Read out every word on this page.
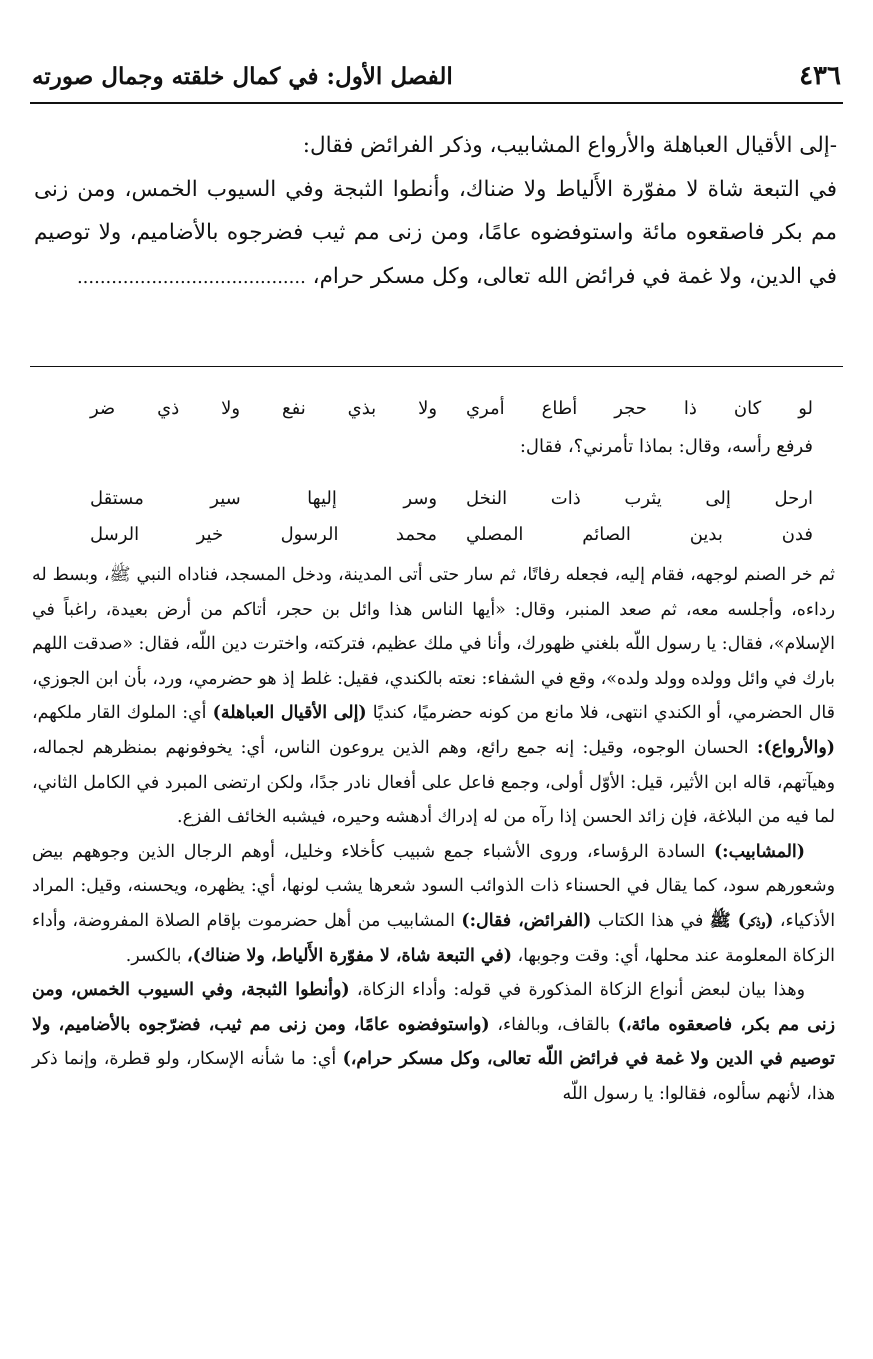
٤٣٦
الفصل الأول: في كمال خلقته وجمال صورته

-إلى الأقيال العباهلة والأرواع المشابيب، وذكر الفرائض فقال:

في التبعة شاة لا مفوّرة الأَلياط ولا ضناك، وأنطوا الثبجة وفي السيوب الخمس، ومن زنى مم بكر فاصقعوه مائة واستوفضوه عامًا، ومن زنى مم ثيب فضرجوه بالأضاميم، ولا توصيم في الدين، ولا غمة في فرائض الله تعالى، وكل مسكر حرام، ........................................

لو كان ذا حجر أطاع أمري
ولا بذي نفع ولا ذي ضر
فرفع رأسه، وقال: بماذا تأمرني؟، فقال:
ارحل إلى يثرب ذات النخل
وسر إليها سير مستقل
فدن بدين الصائم المصلي
محمد الرسول خير الرسل

ثم خر الصنم لوجهه، فقام إليه، فجعله رفاتًا، ثم سار حتى أتى المدينة، ودخل المسجد، فناداه النبي ﷺ، وبسط له رداءه، وأجلسه معه، ثم صعد المنبر، وقال: «أيها الناس هذا وائل بن حجر، أتاكم من أرض بعيدة، راغباً في الإسلام»، فقال: يا رسول اللّه بلغني ظهورك، وأنا في ملك عظيم، فتركته، واخترت دين اللّه، فقال: «صدقت اللهم بارك في وائل وولده وولد ولده»، وقع في الشفاء: نعته بالكندي، فقيل: غلط إذ هو حضرمي، ورد، بأن ابن الجوزي، قال الحضرمي، أو الكندي انتهى، فلا مانع من كونه حضرميًا، كنديًا (إلى الأقيال العباهلة) أي: الملوك القار ملكهم، (والأرواع): الحسان الوجوه، وقيل: إنه جمع رائع، وهم الذين يروعون الناس، أي: يخوفونهم بمنظرهم لجماله، وهيآتهم، قاله ابن الأثير، قيل: الأوّل أولى، وجمع فاعل على أفعال نادر جدًا، ولكن ارتضى المبرد في الكامل الثاني، لما فيه من البلاغة، فإن زائد الحسن إذا رآه من له إدراك أدهشه وحيره، فيشبه الخائف الفزع.

(المشابيب:) السادة الرؤساء، وروى الأشباء جمع شبيب كأخلاء وخليل، أوهم الرجال الذين وجوههم بيض وشعورهم سود، كما يقال في الحسناء ذات الذوائب السود شعرها يشب لونها، أي: يظهره، ويحسنه، وقيل: المراد الأذكياء، (وذكر) ﷺ في هذا الكتاب (الفرائض، فقال:) المشابيب من أهل حضرموت بإقام الصلاة المفروضة، وأداء الزكاة المعلومة عند محلها، أي: وقت وجوبها، (في التبعة شاة، لا مفوّرة الأَلياط، ولا ضناك)، بالكسر.

وهذا بيان لبعض أنواع الزكاة المذكورة في قوله: وأداء الزكاة، (وأنطوا الثبجة، وفي السيوب الخمس، ومن زنى مم بكر، فاصعقوه مائة،) بالقاف، وبالفاء، (واستوفضوه عامًا، ومن زنى مم ثيب، فضرّجوه بالأضاميم، ولا توصيم في الدين ولا غمة في فرائض اللّه تعالى، وكل مسكر حرام،) أي: ما شأنه الإسكار، ولو قطرة، وإنما ذكر هذا، لأنهم سألوه، فقالوا: يا رسول اللّه
